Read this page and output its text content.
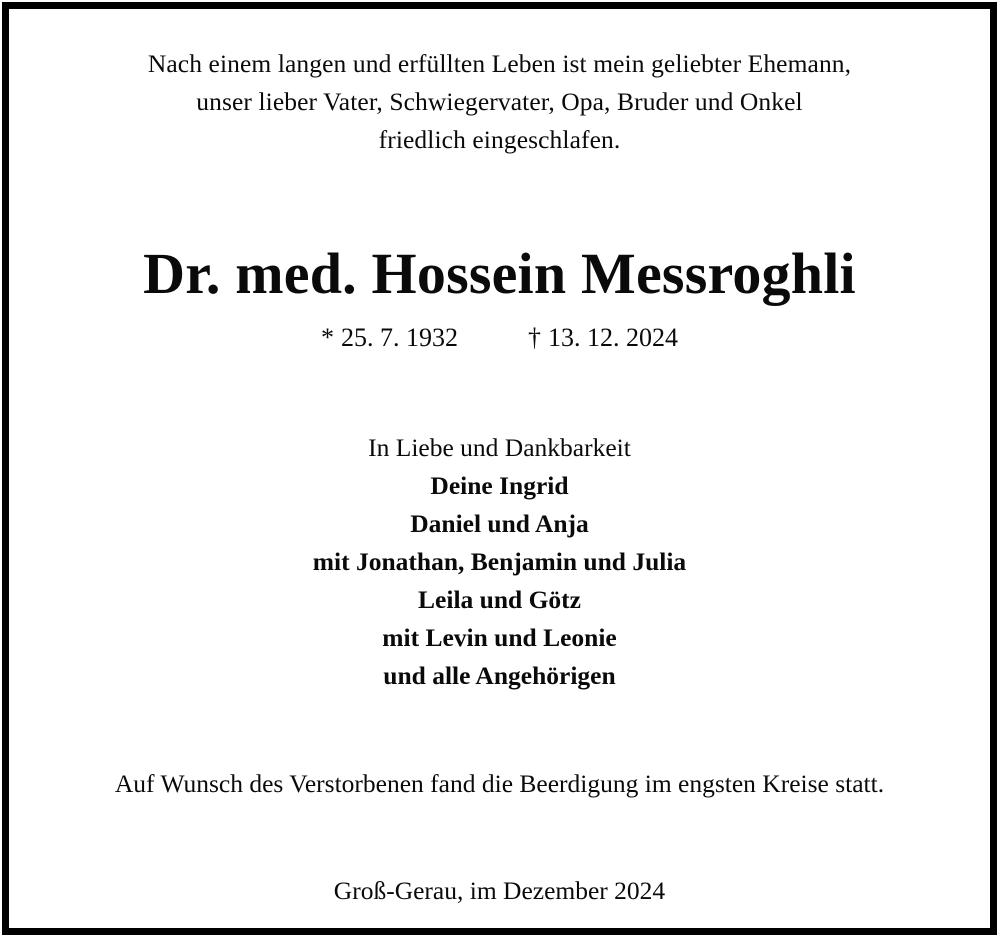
Nach einem langen und erfüllten Leben ist mein geliebter Ehemann,
unser lieber Vater, Schwiegervater, Opa, Bruder und Onkel
friedlich eingeschlafen.
Dr. med. Hossein Messroghli
* 25. 7. 1932	† 13. 12. 2024
In Liebe und Dankbarkeit
Deine Ingrid
Daniel und Anja
mit Jonathan, Benjamin und Julia
Leila und Götz
mit Levin und Leonie
und alle Angehörigen
Auf Wunsch des Verstorbenen fand die Beerdigung im engsten Kreise statt.
Groß-Gerau, im Dezember 2024
